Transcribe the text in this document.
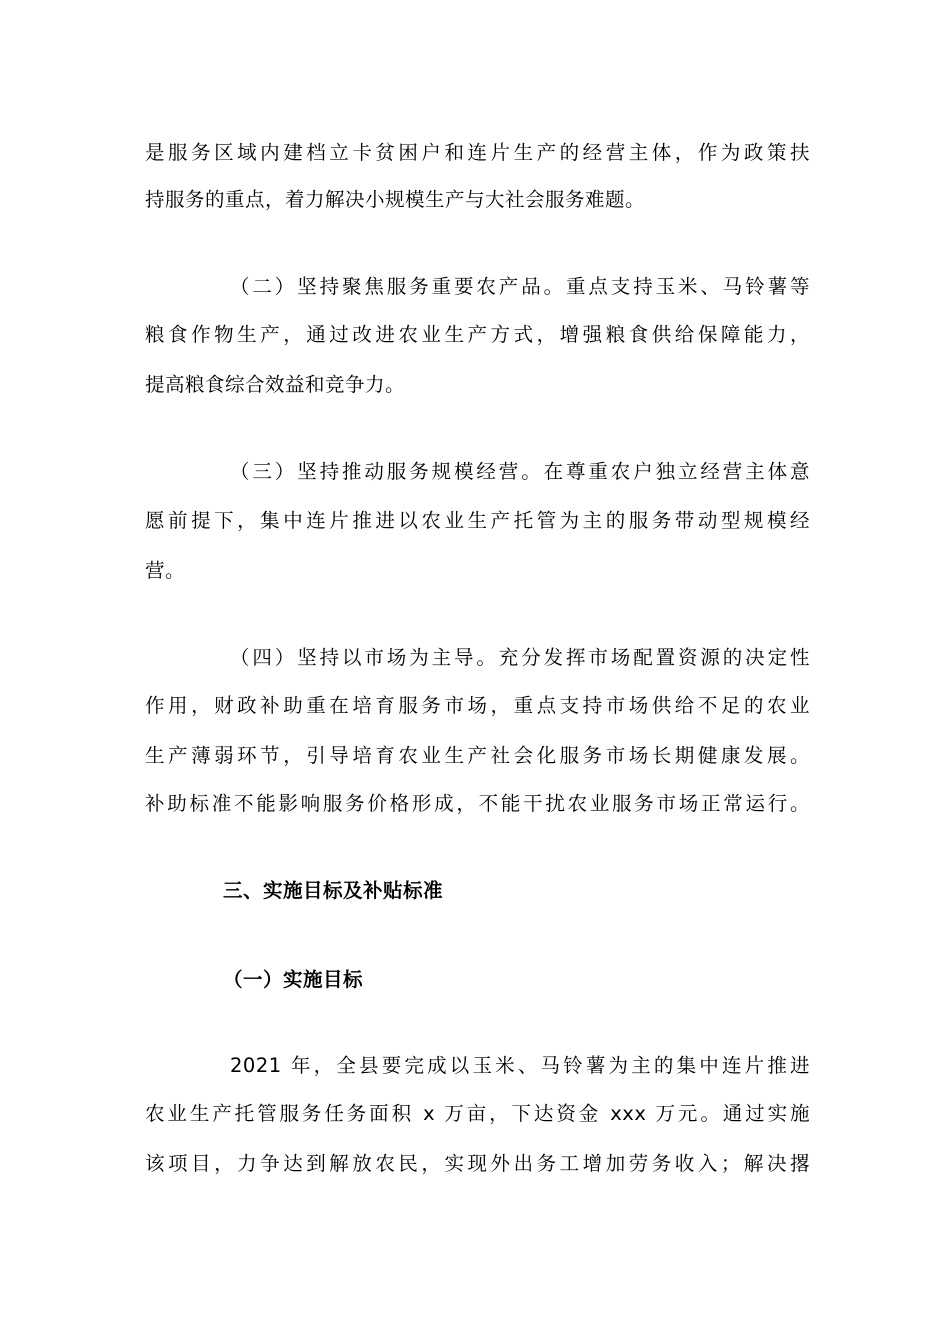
是服务区域内建档立卡贫困户和连片生产的经营主体，作为政策扶
持服务的重点，着力解决小规模生产与大社会服务难题。
（二）坚持聚焦服务重要农产品。重点支持玉米、马铃薯等
粮食作物生产，通过改进农业生产方式，增强粮食供给保障能力，
提高粮食综合效益和竞争力。
（三）坚持推动服务规模经营。在尊重农户独立经营主体意
愿前提下，集中连片推进以农业生产托管为主的服务带动型规模经
营。
（四）坚持以市场为主导。充分发挥市场配置资源的决定性
作用，财政补助重在培育服务市场，重点支持市场供给不足的农业
生产薄弱环节，引导培育农业生产社会化服务市场长期健康发展。
补助标准不能影响服务价格形成，不能干扰农业服务市场正常运行。
三、实施目标及补贴标准
（一）实施目标
2021 年，全县要完成以玉米、马铃薯为主的集中连片推进
农业生产托管服务任务面积 x 万亩，下达资金 xxx 万元。通过实施
该项目，力争达到解放农民，实现外出务工增加劳务收入；解决撂
